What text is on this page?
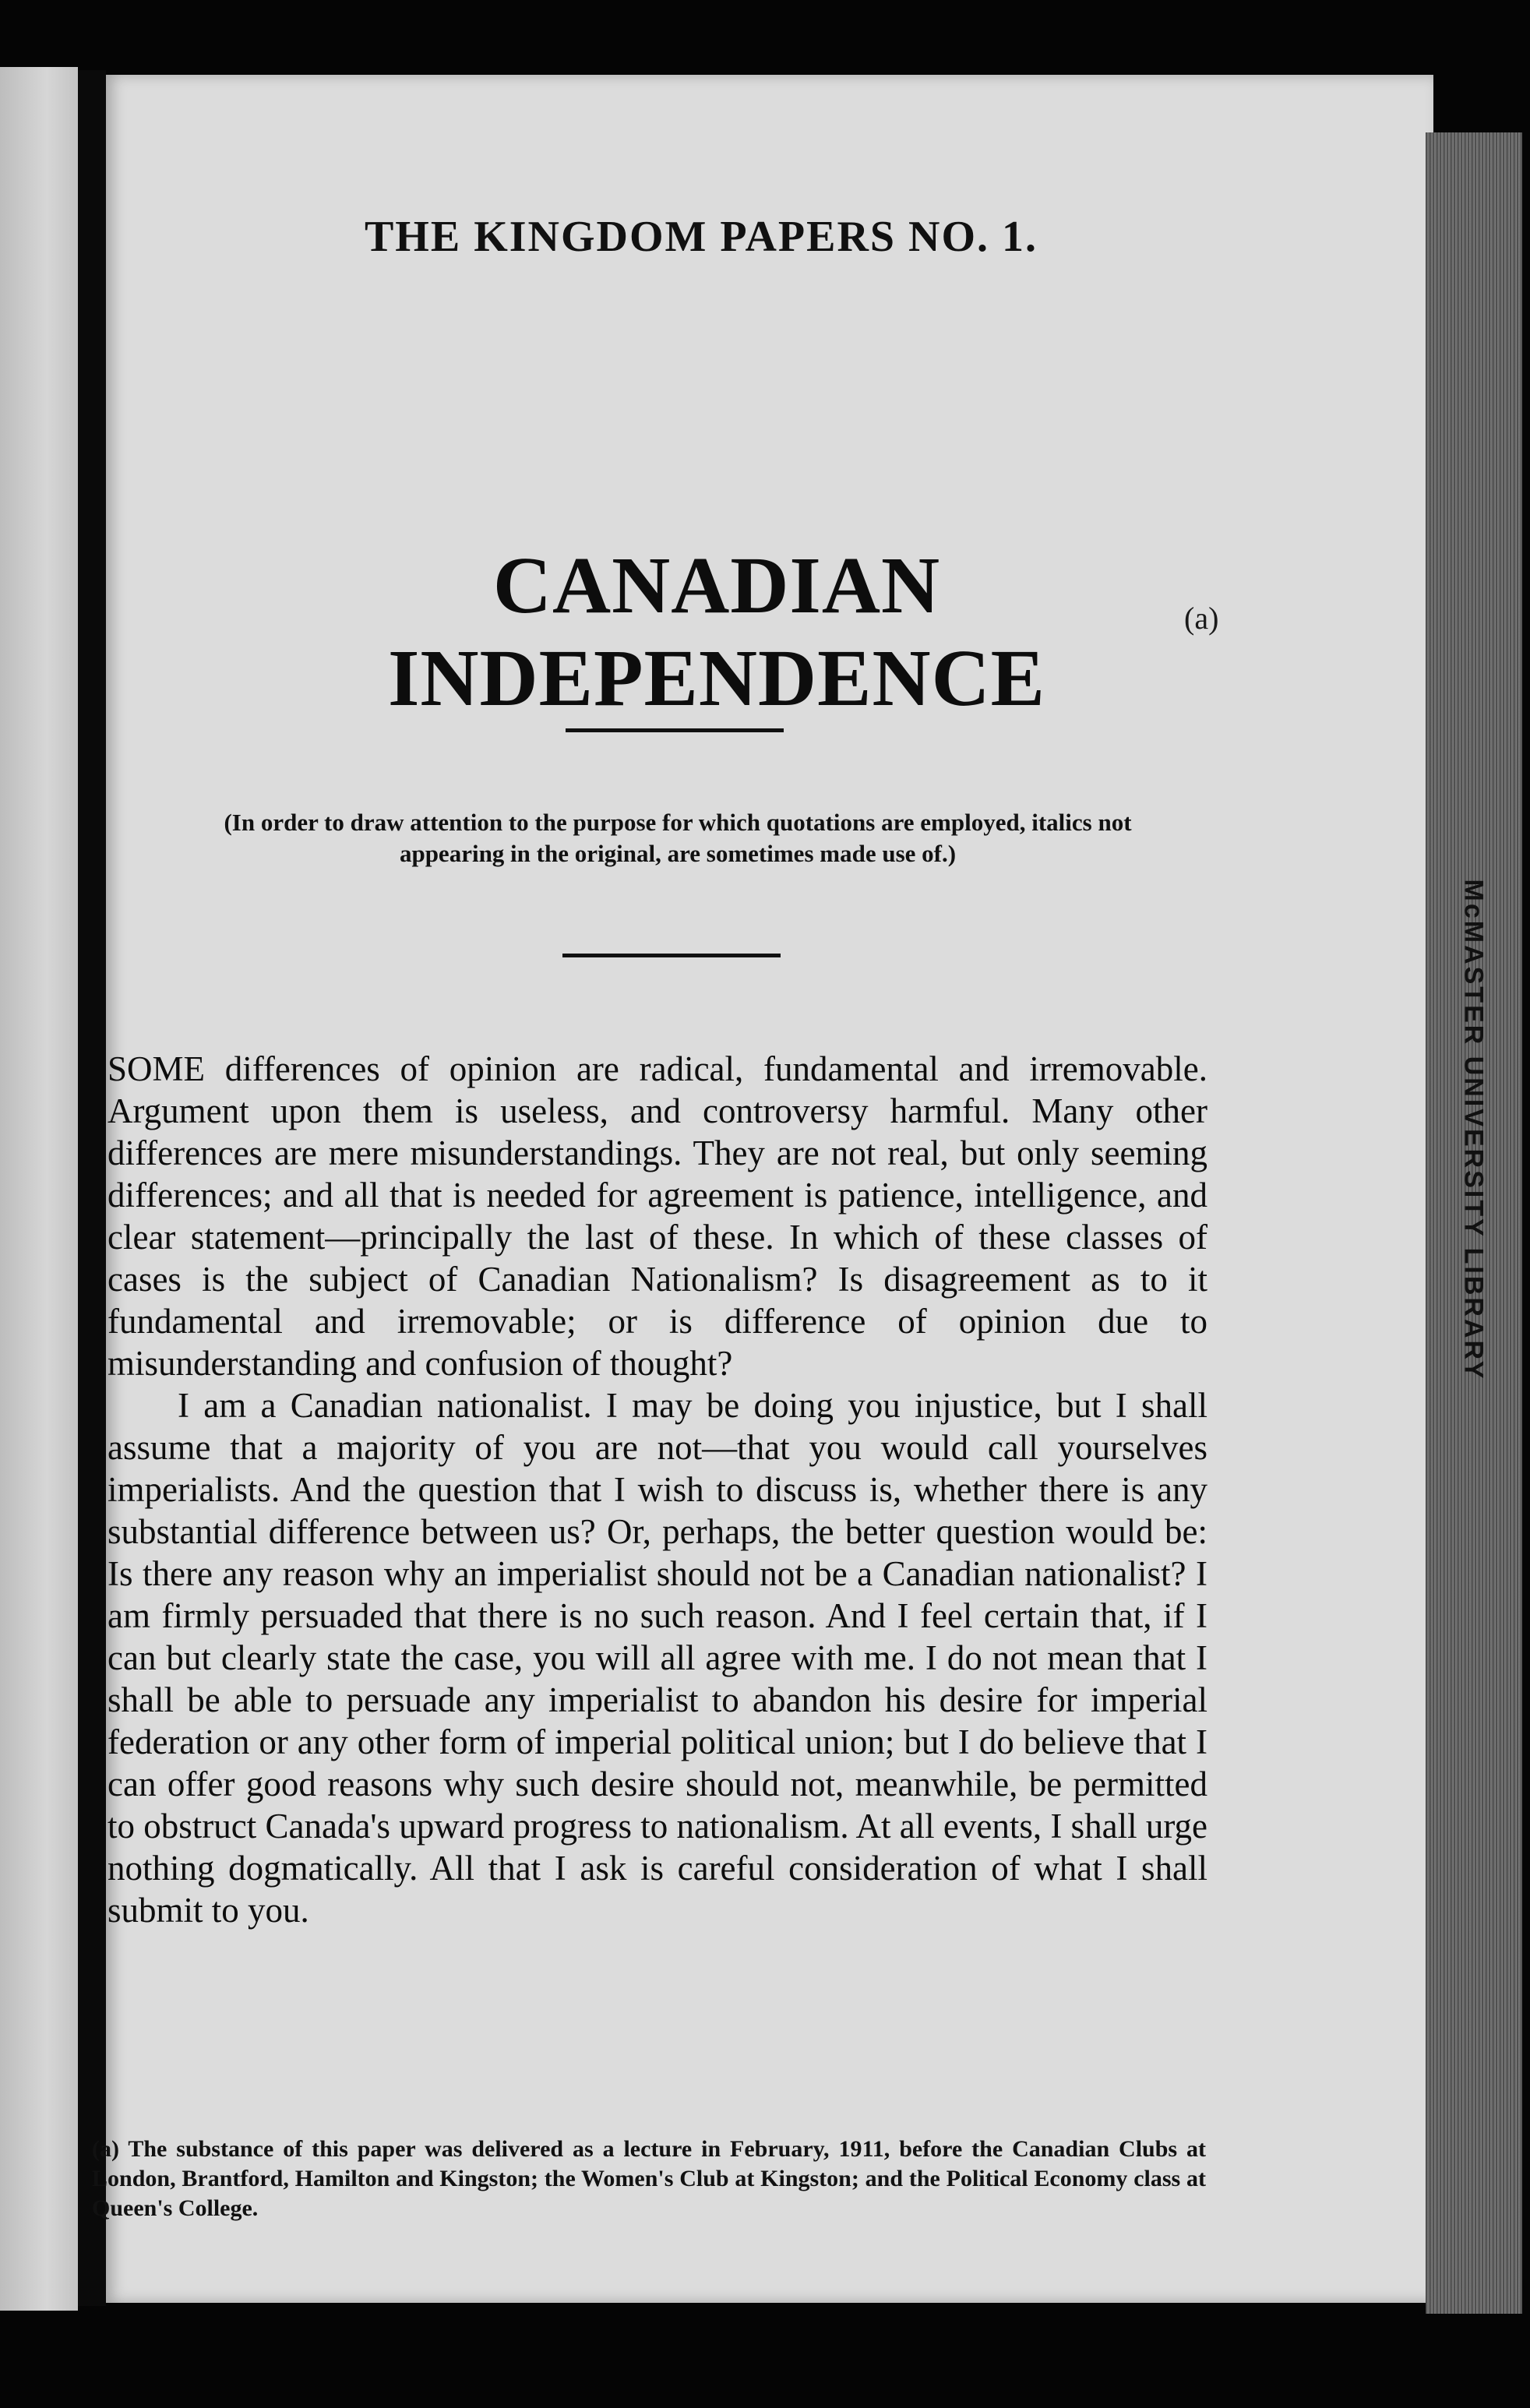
McMASTER UNIVERSITY LIBRARY
THE KINGDOM PAPERS NO. 1.
CANADIAN INDEPENDENCE
(a)
(In order to draw attention to the purpose for which quotations are employed, italics not appearing in the original, are sometimes made use of.)

SOME differences of opinion are radical, fundamental and irremovable. Argument upon them is useless, and controversy harmful. Many other differences are mere misunderstandings. They are not real, but only seeming differences; and all that is needed for agreement is patience, intelligence, and clear statement—principally the last of these. In which of these classes of cases is the subject of Canadian Nationalism? Is disagreement as to it fundamental and irremovable; or is difference of opinion due to misunderstanding and confusion of thought?

I am a Canadian nationalist. I may be doing you injustice, but I shall assume that a majority of you are not—that you would call yourselves imperialists. And the question that I wish to discuss is, whether there is any substantial difference between us? Or, perhaps, the better question would be: Is there any reason why an imperialist should not be a Canadian nationalist? I am firmly persuaded that there is no such reason. And I feel certain that, if I can but clearly state the case, you will all agree with me. I do not mean that I shall be able to persuade any imperialist to abandon his desire for imperial federation or any other form of imperial political union; but I do believe that I can offer good reasons why such desire should not, meanwhile, be permitted to obstruct Canada's upward progress to nationalism. At all events, I shall urge nothing dogmatically. All that I ask is careful consideration of what I shall submit to you.

(a) The substance of this paper was delivered as a lecture in February, 1911, before the Canadian Clubs at London, Brantford, Hamilton and Kingston; the Women's Club at Kingston; and the Political Economy class at Queen's College.
